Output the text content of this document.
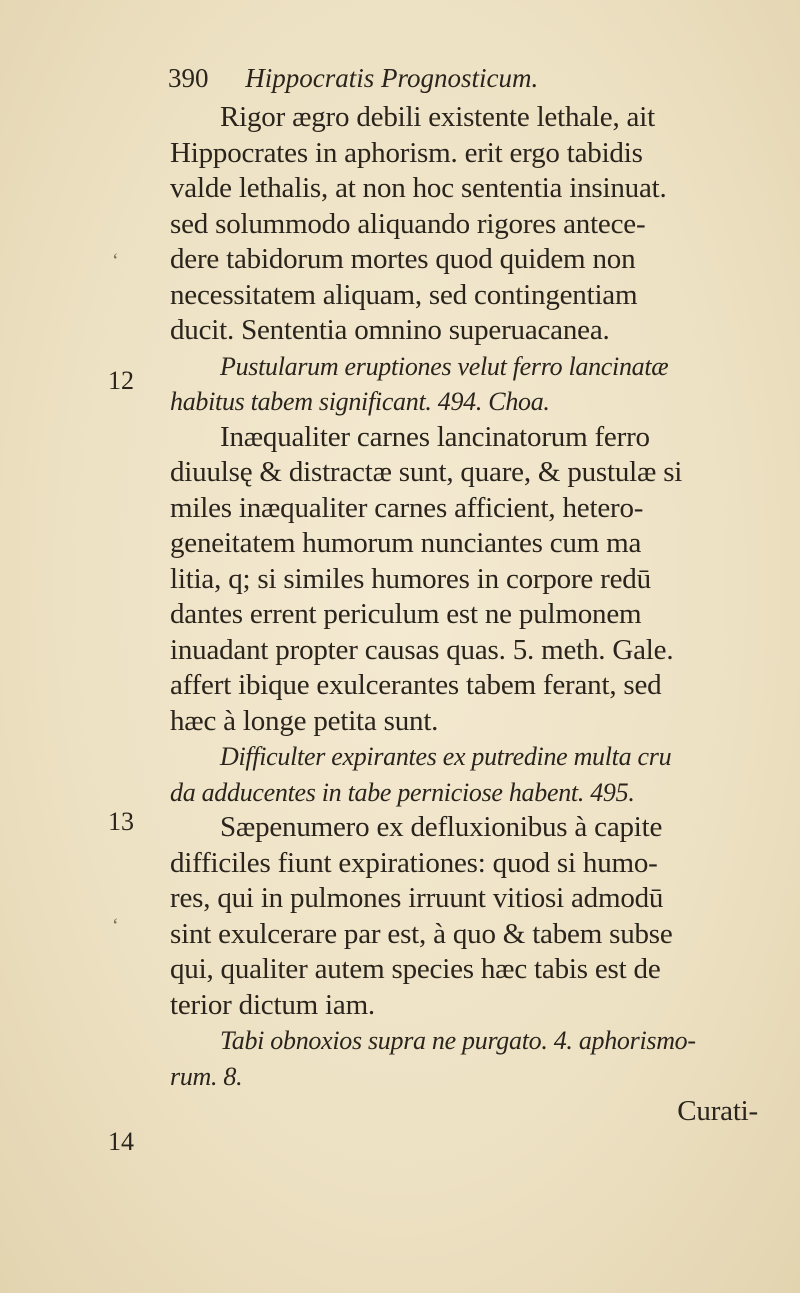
390 Hippocratis Prognosticum.
12
13
14
‘
‘
Rigor ægro debili existente lethale, ait
Hippocrates in aphorism. erit ergo tabidis
valde lethalis, at non hoc sententia insinuat.
sed solummodo aliquando rigores antece-
dere tabidorum mortes quod quidem non
necessitatem aliquam, sed contingentiam
ducit. Sententia omnino superuacanea.
Pustularum eruptiones velut ferro lancinatæ
habitus tabem significant. 494. Choa.
Inæqualiter carnes lancinatorum ferro
diuulsę & distractæ sunt, quare, & pustulæ si
miles inæqualiter carnes afficient, hetero-
geneitatem humorum nunciantes cum ma
litia, q; si similes humores in corpore redū
dantes errent periculum est ne pulmonem
inuadant propter causas quas. 5. meth. Gale.
affert ibique exulcerantes tabem ferant, sed
hæc à longe petita sunt.
Difficulter expirantes ex putredine multa cru
da adducentes in tabe perniciose habent. 495.
Sæpenumero ex defluxionibus à capite
difficiles fiunt expirationes: quod si humo-
res, qui in pulmones irruunt vitiosi admodū
sint exulcerare par est, à quo & tabem subse
qui, qualiter autem species hæc tabis est de
terior dictum iam.
Tabi obnoxios supra ne purgato. 4. aphorismo-
rum. 8.
Curati-
